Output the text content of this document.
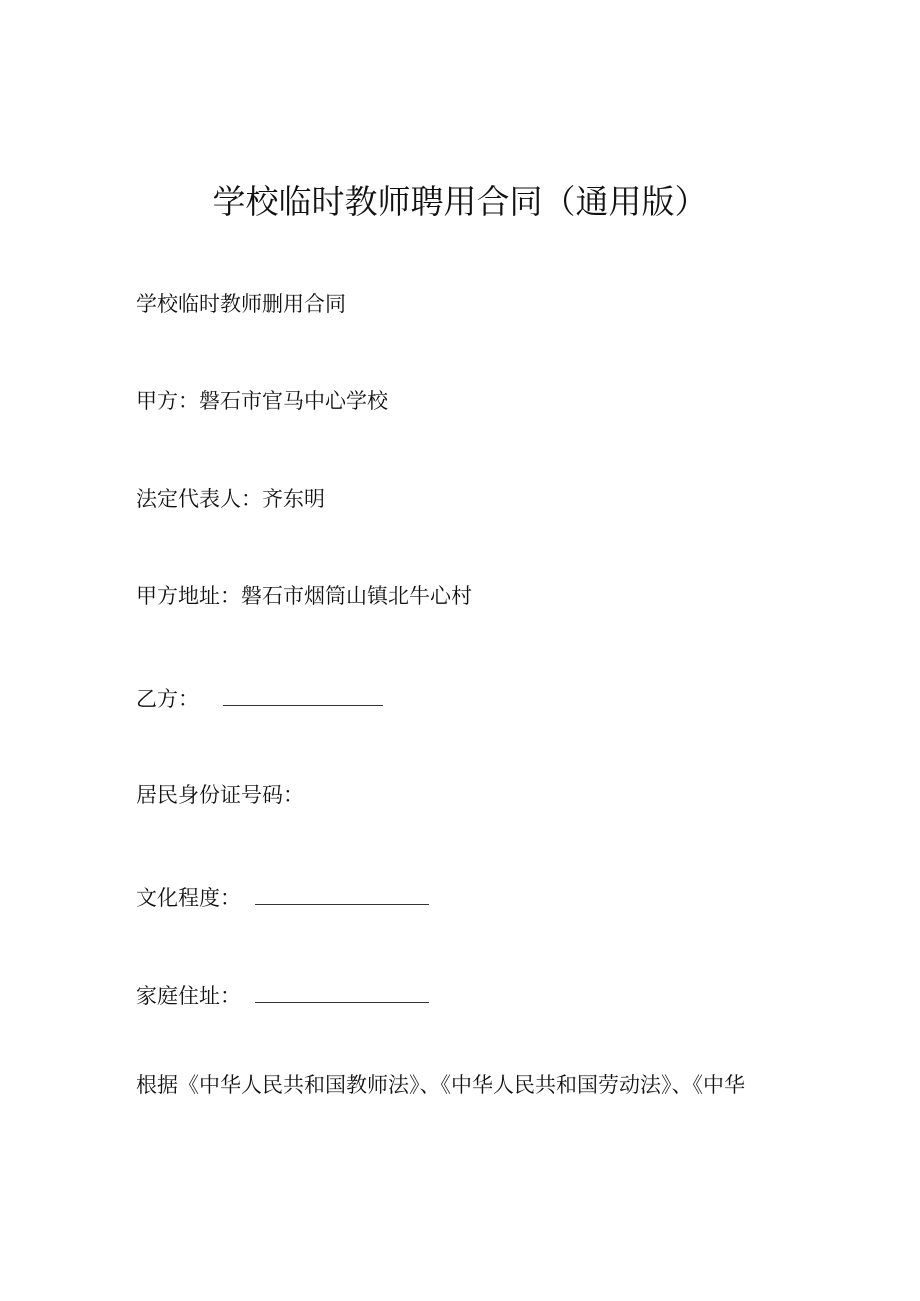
学校临时教师聘用合同（通用版）
学校临时教师删用合同
甲方：磐石市官马中心学校
法定代表人：齐东明
甲方地址：磐石市烟筒山镇北牛心村
乙方：
居民身份证号码：
文化程度：
家庭住址：
根据《中华人民共和国教师法》、《中华人民共和国劳动法》、《中华
